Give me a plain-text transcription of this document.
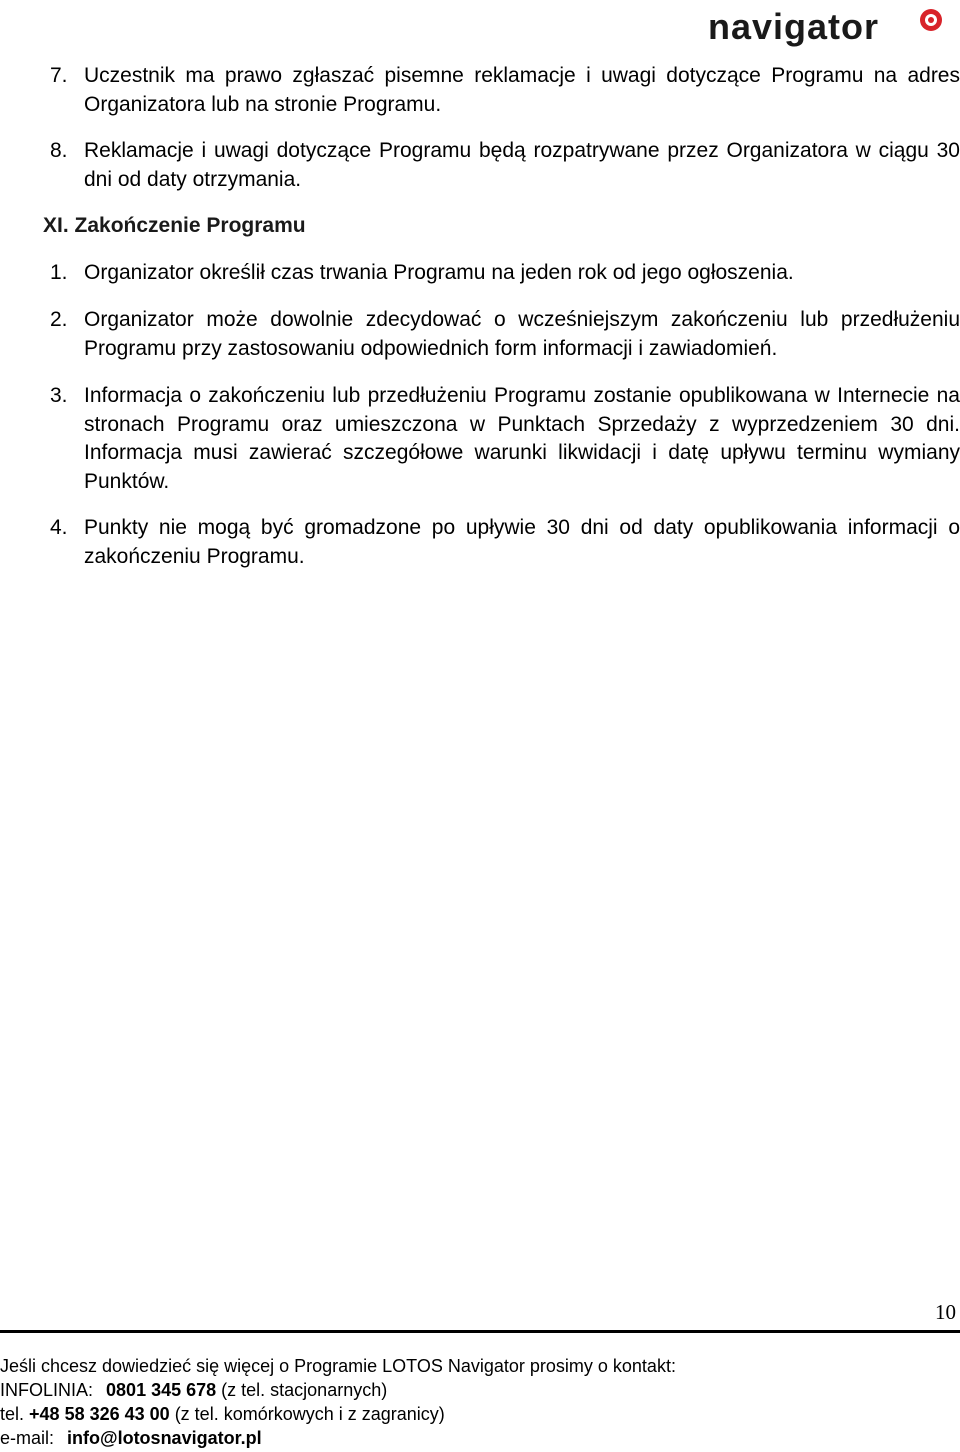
navigator
7. Uczestnik ma prawo zgłaszać pisemne reklamacje i uwagi dotyczące Programu na adres Organizatora lub na stronie Programu.
8. Reklamacje i uwagi dotyczące Programu będą rozpatrywane przez Organizatora w ciągu 30 dni od daty otrzymania.
XI. Zakończenie Programu
1. Organizator określił czas trwania Programu na jeden rok od jego ogłoszenia.
2. Organizator może dowolnie zdecydować o wcześniejszym zakończeniu lub przedłużeniu Programu przy zastosowaniu odpowiednich form informacji i zawiadomień.
3. Informacja o zakończeniu lub przedłużeniu Programu zostanie opublikowana w Internecie na stronach Programu oraz umieszczona w Punktach Sprzedaży z wyprzedzeniem 30 dni. Informacja musi zawierać szczegółowe warunki likwidacji i datę upływu terminu wymiany Punktów.
4. Punkty nie mogą być gromadzone po upływie 30 dni od daty opublikowania informacji o zakończeniu Programu.
10
Jeśli chcesz dowiedzieć się więcej o Programie LOTOS Navigator prosimy o kontakt:
INFOLINIA: 0801 345 678 (z tel. stacjonarnych)
tel. +48 58 326 43 00 (z tel. komórkowych i z zagranicy)
e-mail: info@lotosnavigator.pl
